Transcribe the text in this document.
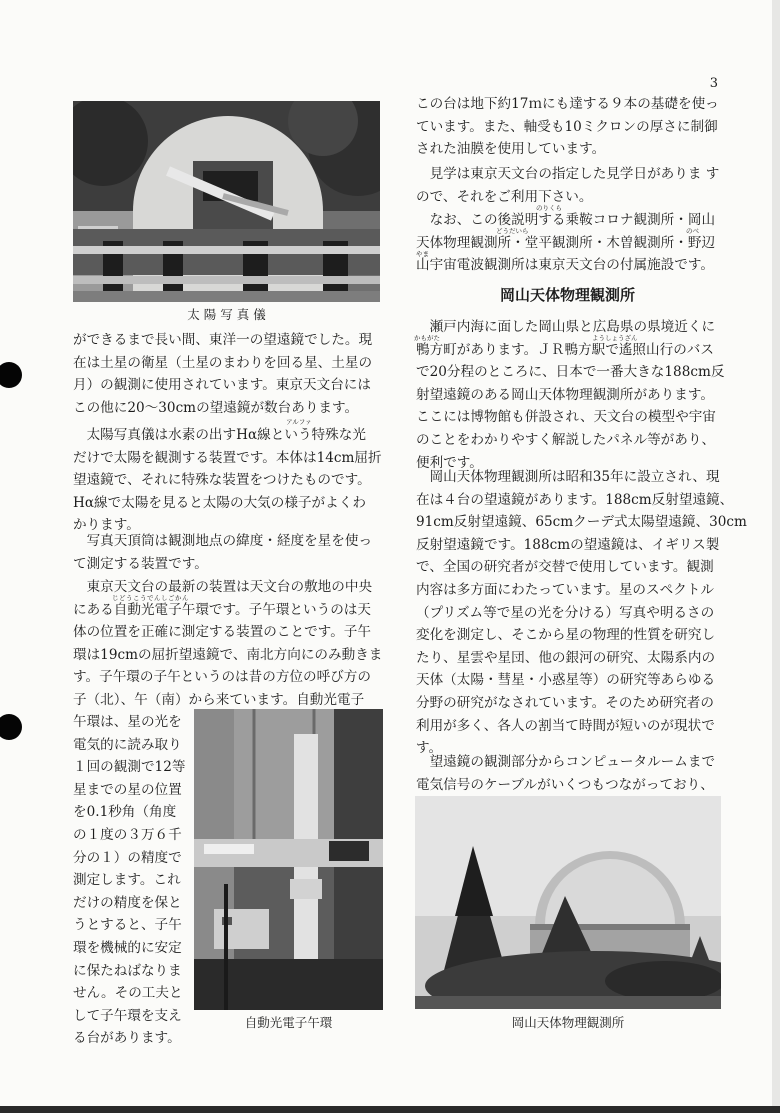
3
太 陽 写 真 儀
ができるまで長い間、東洋一の望遠鏡でした。現
在は土星の衛星（土星のまわりを回る星、土星の
月）の観測に使用されています。東京天文台には
この他に20～30cmの望遠鏡が数台あります。
　太陽写真儀は水素の出すHα線という特殊な光
だけで太陽を観測する装置です。本体は14cm屈折
望遠鏡で、それに特殊な装置をつけたものです。
Hα線で太陽を見ると太陽の大気の様子がよくわ
かります。
　写真天頂筒は観測地点の緯度・経度を星を使っ
て測定する装置です。
　東京天文台の最新の装置は天文台の敷地の中央
にある自動光電子午環です。子午環というのは天
体の位置を正確に測定する装置のことです。子午
環は19cmの屈折望遠鏡で、南北方向にのみ動きま
す。子午環の子午というのは昔の方位の呼び方の
子（北）、午（南）から来ています。自動光電子
午環は、星の光を
電気的に読み取り
１回の観測で12等
星までの星の位置
を0.1秒角（角度
の１度の３万６千
分の１）の精度で
測定します。これ
だけの精度を保と
うとすると、子午
環を機械的に安定
に保たねばなりま
せん。その工夫と
して子午環を支え
る台があります。
自動光電子午環
この台は地下約17ｍにも達する９本の基礎を使っ
ています。また、軸受も10ミクロンの厚さに制御
された油膜を使用しています。
　見学は東京天文台の指定した見学日がありま す
ので、それをご利用下さい。
　なお、この後説明する乗鞍コロナ観測所・岡山
天体物理観測所・堂平観測所・木曽観測所・野辺
山宇宙電波観測所は東京天文台の付属施設です。
岡山天体物理観測所
　瀬戸内海に面した岡山県と広島県の県境近くに
鴨方町があります。ＪＲ鴨方駅で遙照山行のバス
で20分程のところに、日本で一番大きな188cm反
射望遠鏡のある岡山天体物理観測所があります。
ここには博物館も併設され、天文台の模型や宇宙
のことをわかりやすく解説したパネル等があり、
便利です。
　岡山天体物理観測所は昭和35年に設立され、現
在は４台の望遠鏡があります。188cm反射望遠鏡、
91cm反射望遠鏡、65cmクーデ式太陽望遠鏡、30cm
反射望遠鏡です。188cmの望遠鏡は、イギリス製
で、全国の研究者が交替で使用しています。観測
内容は多方面にわたっています。星のスペクトル
（プリズム等で星の光を分ける）写真や明るさの
変化を測定し、そこから星の物理的性質を研究し
たり、星雲や星団、他の銀河の研究、太陽系内の
天体（太陽・彗星・小惑星等）の研究等あらゆる
分野の研究がなされています。そのため研究者の
利用が多く、各人の割当て時間が短いのが現状で
す。
　望遠鏡の観測部分からコンピュータルームまで
電気信号のケーブルがいくつもつながっており、
アルファ
じどうこうでんしごかん
のりくら
どうだいら	のべ
やま
かもがた	ようしょうざん
岡山天体物理観測所
